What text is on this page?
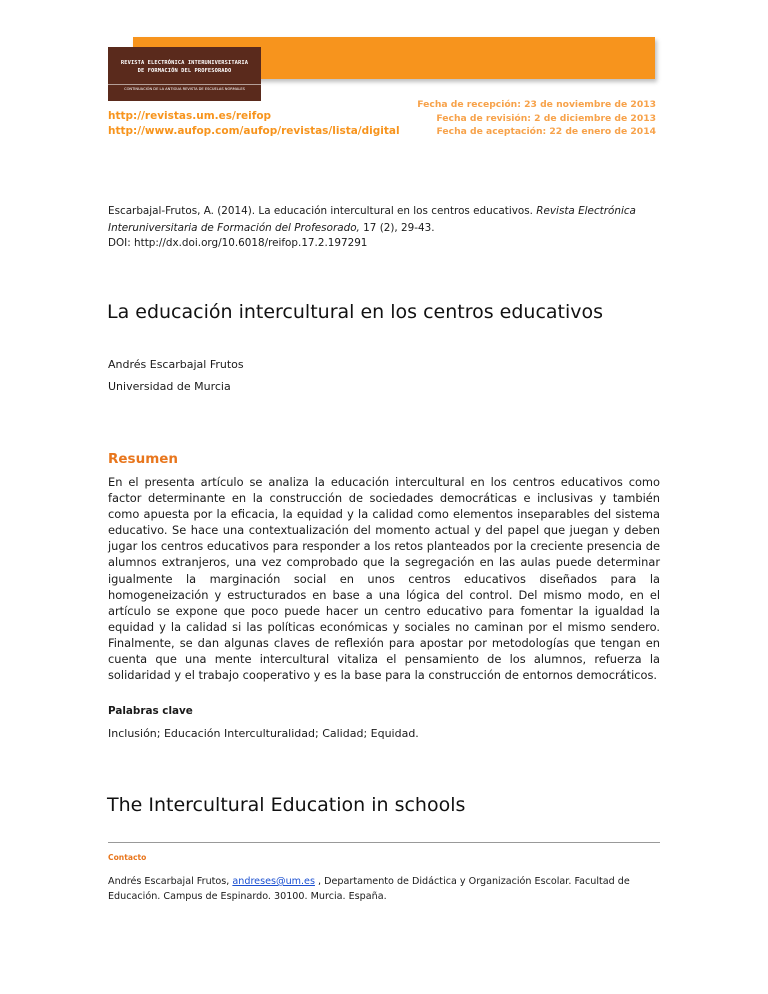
REVISTA ELECTRÓNICA INTERUNIVERSITARIA
DE FORMACIÓN DEL PROFESORADO
CONTINUACIÓN DE LA ANTIGUA REVISTA DE ESCUELAS NORMALES
http://revistas.um.es/reifop
http://www.aufop.com/aufop/revistas/lista/digital
Fecha de recepción: 23 de noviembre de 2013
Fecha de revisión: 2 de diciembre de 2013
Fecha de aceptación: 22 de enero de 2014
Escarbajal-Frutos, A. (2014). La educación intercultural en los centros educativos. Revista Electrónica Interuniversitaria de Formación del Profesorado, 17 (2), 29-43.
DOI: http://dx.doi.org/10.6018/reifop.17.2.197291
La educación intercultural en los centros educativos
Andrés Escarbajal Frutos
Universidad de Murcia
Resumen

En el presenta artículo se analiza la educación intercultural en los centros educativos como factor determinante en la construcción de sociedades democráticas e inclusivas y también como apuesta por la eficacia, la equidad y la calidad como elementos inseparables del sistema educativo. Se hace una contextualización del momento actual y del papel que juegan y deben jugar los centros educativos para responder a los retos planteados por la creciente presencia de alumnos extranjeros, una vez comprobado que la segregación en las aulas puede determinar igualmente la marginación social en unos centros educativos diseñados para la homogeneización y estructurados en base a una lógica del control. Del mismo modo, en el artículo se expone que poco puede hacer un centro educativo para fomentar la igualdad la equidad y la calidad si las políticas económicas y sociales no caminan por el mismo sendero. Finalmente, se dan algunas claves de reflexión para apostar por metodologías que tengan en cuenta que una mente intercultural vitaliza el pensamiento de los alumnos, refuerza la solidaridad y el trabajo cooperativo y es la base para la construcción de entornos democráticos.

Palabras clave
Inclusión; Educación Interculturalidad; Calidad; Equidad.
The Intercultural Education in schools
Contacto
Andrés Escarbajal Frutos, andreses@um.es , Departamento de Didáctica y Organización Escolar. Facultad de Educación. Campus de Espinardo. 30100. Murcia. España.
